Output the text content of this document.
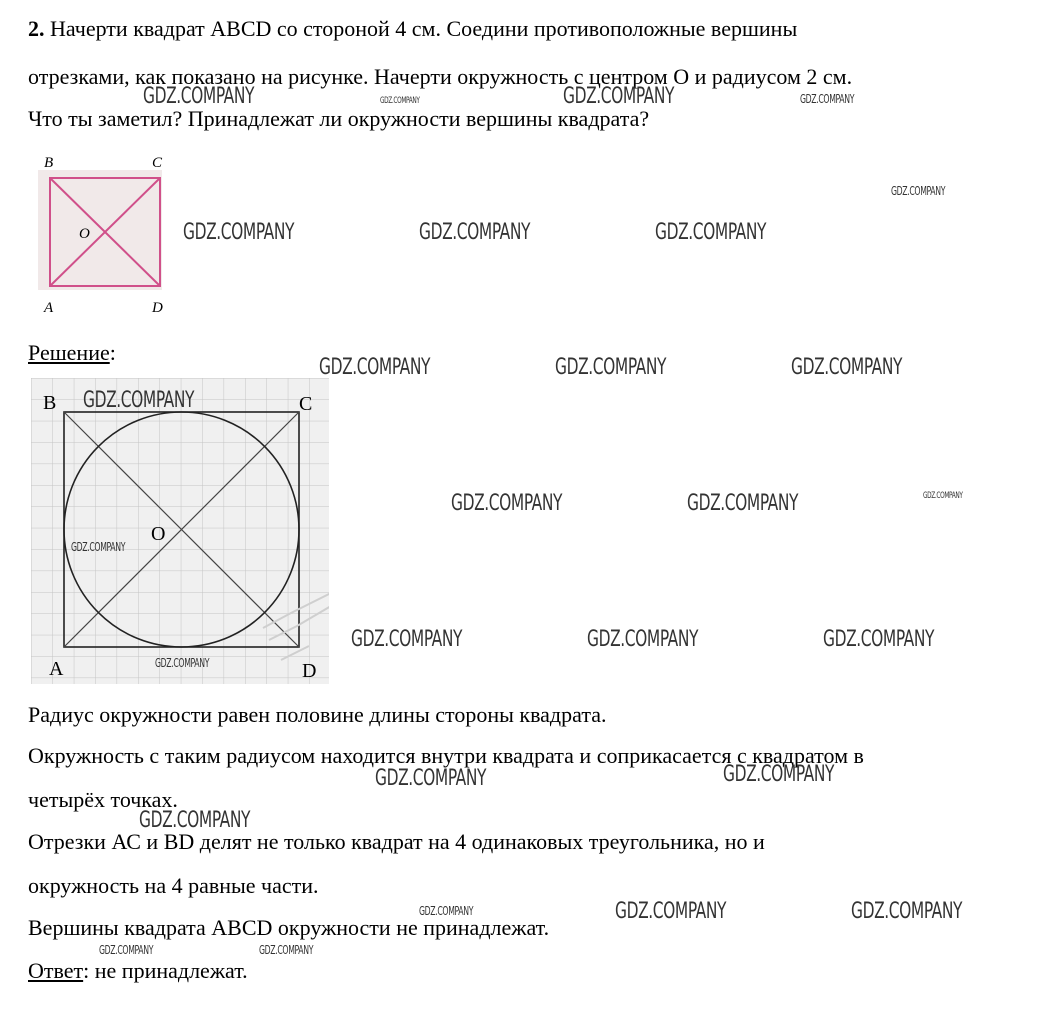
2. Начерти квадрат ABCD со стороной 4 см. Соедини противоположные вершины
отрезками, как показано на рисунке. Начерти окружность с центром O и радиусом 2 см.
Что ты заметил? Принадлежат ли окружности вершины квадрата?
B	C
O
A	D
Решение:
B	C
O
A	D
Радиус окружности равен половине длины стороны квадрата.
Окружность с таким радиусом находится внутри квадрата и соприкасается с квадратом в
четырёх точках.
Отрезки АС и ВD делят не только квадрат на 4 одинаковых треугольника, но и
окружность на 4 равные части.
Вершины квадрата ABCD окружности не принадлежат.
Ответ: не принадлежат.
GDZ.COMPANY	GDZ.COMPANY	GDZ.COMPANY	GDZ.COMPANY
GDZ.COMPANY
GDZ.COMPANY	GDZ.COMPANY	GDZ.COMPANY
GDZ.COMPANY	GDZ.COMPANY	GDZ.COMPANY
GDZ.COMPANY
GDZ.COMPANY	GDZ.COMPANY	GDZ.COMPANY
GDZ.COMPANY
GDZ.COMPANY	GDZ.COMPANY	GDZ.COMPANY
GDZ.COMPANY
GDZ.COMPANY	GDZ.COMPANY
GDZ.COMPANY
GDZ.COMPANY	GDZ.COMPANY	GDZ.COMPANY
GDZ.COMPANY	GDZ.COMPANY
